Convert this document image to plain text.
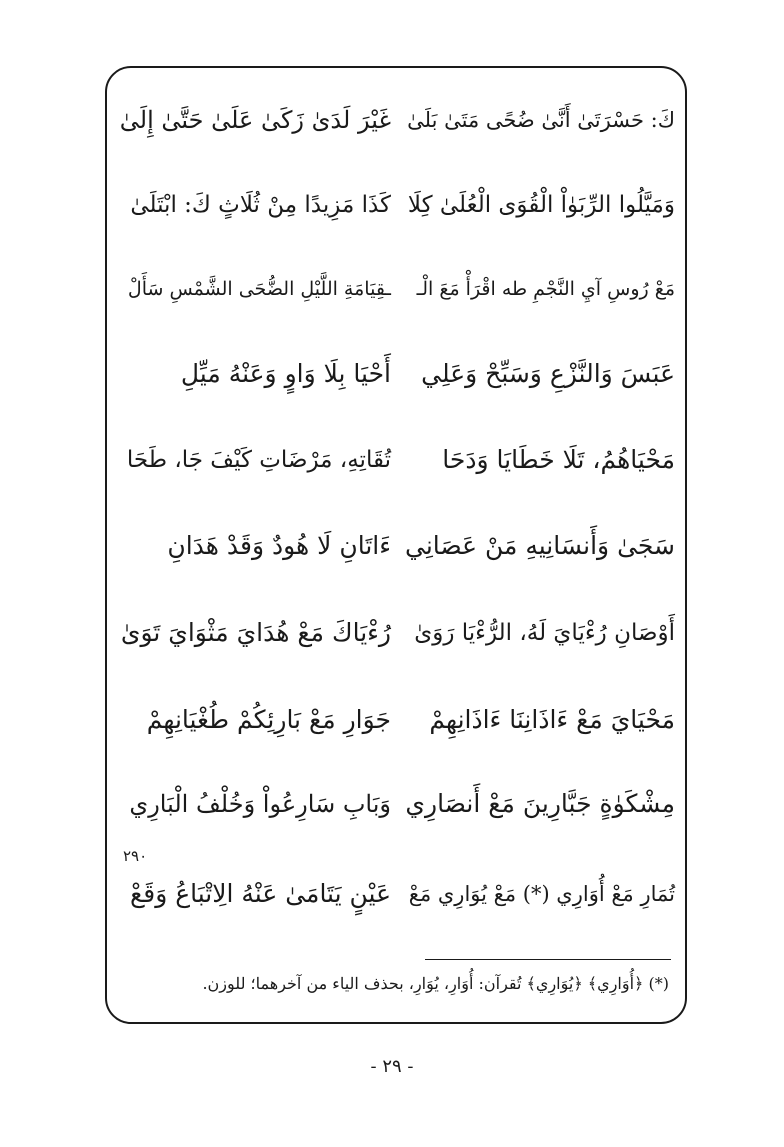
كَ: حَسْرَتَىٰ أَنَّىٰ ضُحًى مَتَىٰ بَلَىٰ
غَيْرَ لَدَىٰ زَكَىٰ عَلَىٰ حَتَّىٰ إِلَىٰ
وَمَيَّلُوا الرِّبَوٰاْ الْقُوَى الْعُلَىٰ كِلَا
كَذَا مَزِيدًا مِنْ ثُلَاثٍ كَ: ابْتَلَىٰ
مَعْ رُوسِ آيِ النَّجْمِ طه اقْرَأْ مَعَ الْـ
ـقِيَامَةِ اللَّيْلِ الضُّحَى الشَّمْسِ سَأَلْ
عَبَسَ وَالنَّزْعِ وَسَبِّحْ وَعَلِي
أَحْيَا بِلَا وَاوٍ وَعَنْهُ مَيِّلِ
مَحْيَاهُمُ، تَلَا خَطَايَا وَدَحَا
تُقَاتِهِ، مَرْضَاتِ كَيْفَ جَا، طَحَا
سَجَىٰ وَأَنسَانِيهِ مَنْ عَصَانِي
ءَاتَانِ لَا هُودٌ وَقَدْ هَدَانِ
أَوْصَانِ رُءْيَايَ لَهُ، الرُّءْيَا رَوَىٰ
رُءْيَاكَ مَعْ هُدَايَ مَثْوَايَ تَوَىٰ
مَحْيَايَ مَعْ ءَاذَانِنَا ءَاذَانِهِمْ
جَوَارِ مَعْ بَارِئِكُمْ طُغْيَانِهِمْ
مِشْكَوٰةٍ جَبَّارِينَ مَعْ أَنصَارِي
وَبَابِ سَارِعُواْ وَخُلْفُ الْبَارِي
تُمَارِ مَعْ أُوَارِي (*) مَعْ يُوَارِي مَعْ
عَيْنٍ يَتَامَىٰ عَنْهُ الِاتْبَاعُ وَقَعْ
٢٩٠
(*) ﴿أُوَارِي﴾ ﴿يُوَارِي﴾ تُقرآن: أُوَارِ، يُوَارِ، بحذف الياء من آخرهما؛ للوزن.
- ٢٩ -
